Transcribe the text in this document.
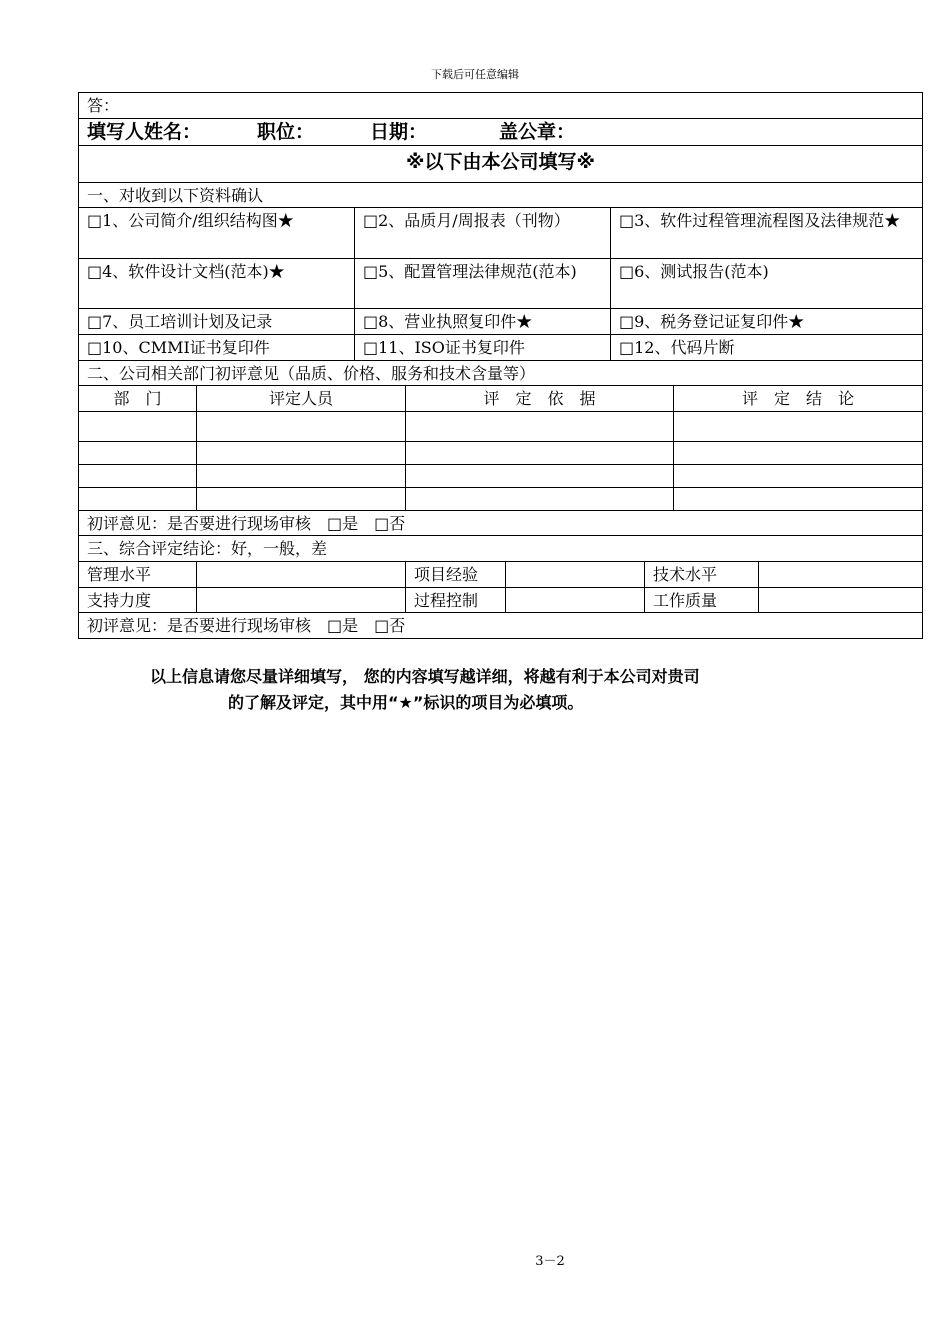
下载后可任意编辑
答：
填写人姓名：	职位：	日期：	盖公章：
※以下由本公司填写※
一、对收到以下资料确认
□1、公司简介/组织结构图★	□2、品质月/周报表（刊物）	□3、软件过程管理流程图及法律规范★
□4、软件设计文档(范本)★	□5、配置管理法律规范(范本)	□6、测试报告(范本)
□7、员工培训计划及记录	□8、营业执照复印件★	□9、税务登记证复印件★
□10、CMMI证书复印件	□11、ISO证书复印件	□12、代码片断
二、公司相关部门初评意见（品质、价格、服务和技术含量等）
部　门	评定人员	评　定　依　据	评　定　结　论
初评意见：是否要进行现场审核　□是　□否
三、综合评定结论：好，一般，差
管理水平	项目经验	技术水平
支持力度	过程控制	工作质量
初评意见：是否要进行现场审核　□是　□否
以上信息请您尽量详细填写， 您的内容填写越详细，将越有利于本公司对贵司
的了解及评定，其中用“★”标识的项目为必填项。
3－2
